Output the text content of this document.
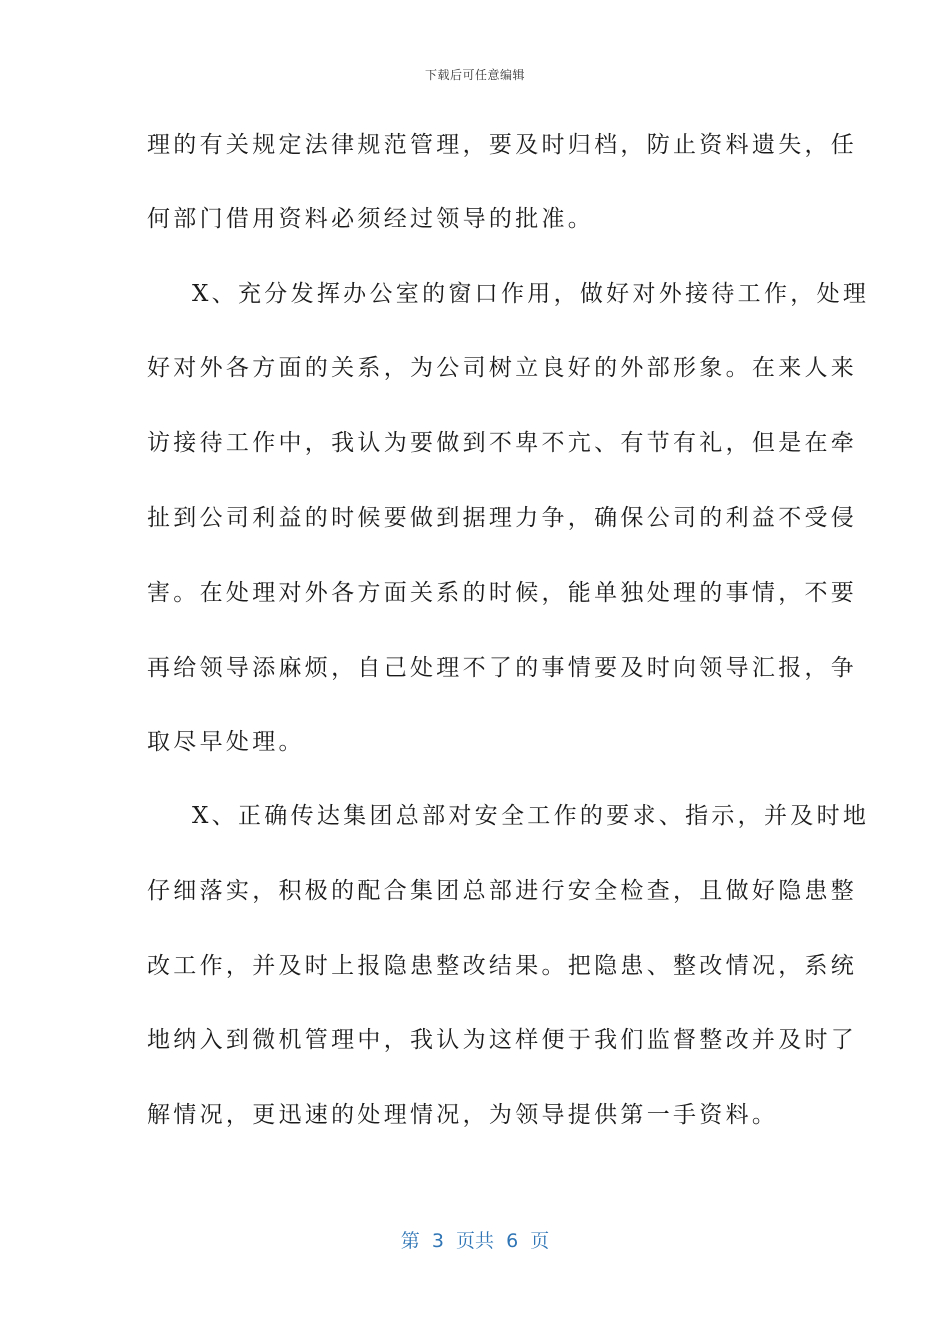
下载后可任意编辑
理的有关规定法律规范管理，要及时归档，防止资料遗失，任
何部门借用资料必须经过领导的批准。
X、充分发挥办公室的窗口作用，做好对外接待工作，处理
好对外各方面的关系，为公司树立良好的外部形象。在来人来
访接待工作中，我认为要做到不卑不亢、有节有礼，但是在牵
扯到公司利益的时候要做到据理力争，确保公司的利益不受侵
害。在处理对外各方面关系的时候，能单独处理的事情，不要
再给领导添麻烦，自己处理不了的事情要及时向领导汇报，争
取尽早处理。
X、正确传达集团总部对安全工作的要求、指示，并及时地
仔细落实，积极的配合集团总部进行安全检查，且做好隐患整
改工作，并及时上报隐患整改结果。把隐患、整改情况，系统
地纳入到微机管理中，我认为这样便于我们监督整改并及时了
解情况，更迅速的处理情况，为领导提供第一手资料。
第  3  页共  6  页
